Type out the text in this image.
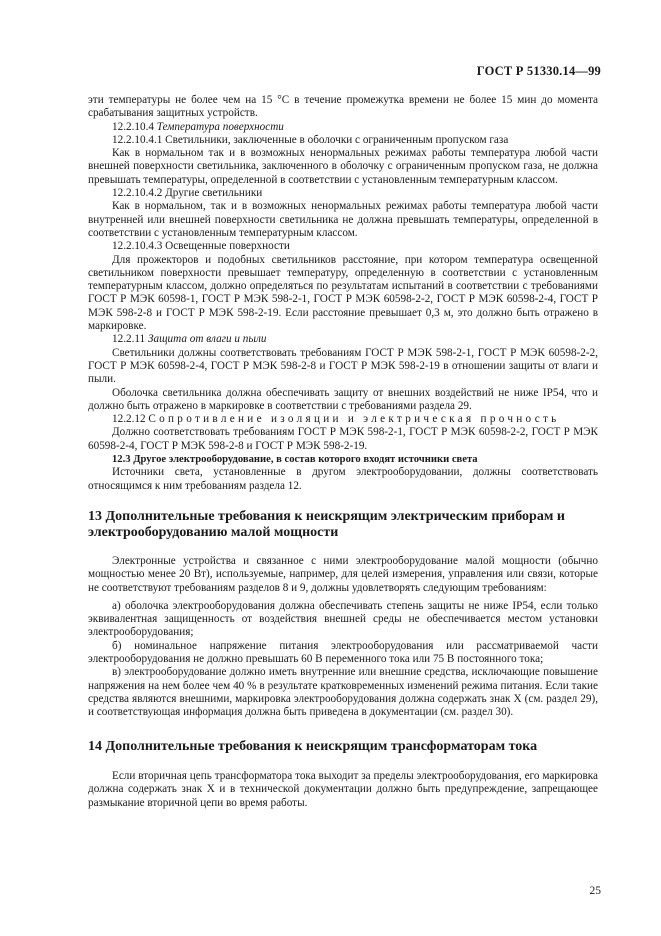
ГОСТ Р 51330.14—99

эти температуры не более чем на 15 °С в течение промежутка времени не более 15 мин до момента срабатывания защитных устройств.

12.2.10.4 Температура поверхности

12.2.10.4.1 Светильники, заключенные в оболочки с ограниченным пропуском газа

Как в нормальном так и в возможных ненормальных режимах работы температура любой части внешней поверхности светильника, заключенного в оболочку с ограниченным пропуском газа, не должна превышать температуры, определенной в соответствии с установленным температурным классом.

12.2.10.4.2 Другие светильники

Как в нормальном, так и в возможных ненормальных режимах работы температура любой части внутренней или внешней поверхности светильника не должна превышать температуры, определенной в соответствии с установленным температурным классом.

12.2.10.4.3 Освещенные поверхности

Для прожекторов и подобных светильников расстояние, при котором температура освещенной светильником поверхности превышает температуру, определенную в соответствии с установленным температурным классом, должно определяться по результатам испытаний в соответствии с требованиями ГОСТ Р МЭК 60598-1, ГОСТ Р МЭК 598-2-1, ГОСТ Р МЭК 60598-2-2, ГОСТ Р МЭК 60598-2-4, ГОСТ Р МЭК 598-2-8 и ГОСТ Р МЭК 598-2-19. Если расстояние превышает 0,3 м, это должно быть отражено в маркировке.

12.2.11 Защита от влаги и пыли

Светильники должны соответствовать требованиям ГОСТ Р МЭК 598-2-1, ГОСТ Р МЭК 60598-2-2, ГОСТ Р МЭК 60598-2-4, ГОСТ Р МЭК 598-2-8 и ГОСТ Р МЭК 598-2-19 в отношении защиты от влаги и пыли.

Оболочка светильника должна обеспечивать защиту от внешних воздействий не ниже IP54, что и должно быть отражено в маркировке в соответствии с требованиями раздела 29.

12.2.12 Сопротивление изоляции и электрическая прочность

Должно соответствовать требованиям ГОСТ Р МЭК 598-2-1, ГОСТ Р МЭК 60598-2-2, ГОСТ Р МЭК 60598-2-4, ГОСТ Р МЭК 598-2-8 и ГОСТ Р МЭК 598-2-19.

12.3 Другое электрооборудование, в состав которого входят источники света

Источники света, установленные в другом электрооборудовании, должны соответствовать относящимся к ним требованиям раздела 12.

13 Дополнительные требования к неискрящим электрическим приборам и электрооборудованию малой мощности

Электронные устройства и связанное с ними электрооборудование малой мощности (обычно мощностью менее 20 Вт), используемые, например, для целей измерения, управления или связи, которые не соответствуют требованиям разделов 8 и 9, должны удовлетворять следующим требованиям:

а) оболочка электрооборудования должна обеспечивать степень защиты не ниже IP54, если только эквивалентная защищенность от воздействия внешней среды не обеспечивается местом установки электрооборудования;

б) номинальное напряжение питания электрооборудования или рассматриваемой части электрооборудования не должно превышать 60 В переменного тока или 75 В постоянного тока;

в) электрооборудование должно иметь внутренние или внешние средства, исключающие повышение напряжения на нем более чем 40 % в результате кратковременных изменений режима питания. Если такие средства являются внешними, маркировка электрооборудования должна содержать знак X (см. раздел 29), и соответствующая информация должна быть приведена в документации (см. раздел 30).

14 Дополнительные требования к неискрящим трансформаторам тока

Если вторичная цепь трансформатора тока выходит за пределы электрооборудования, его маркировка должна содержать знак X и в технической документации должно быть предупреждение, запрещающее размыкание вторичной цепи во время работы.

25
